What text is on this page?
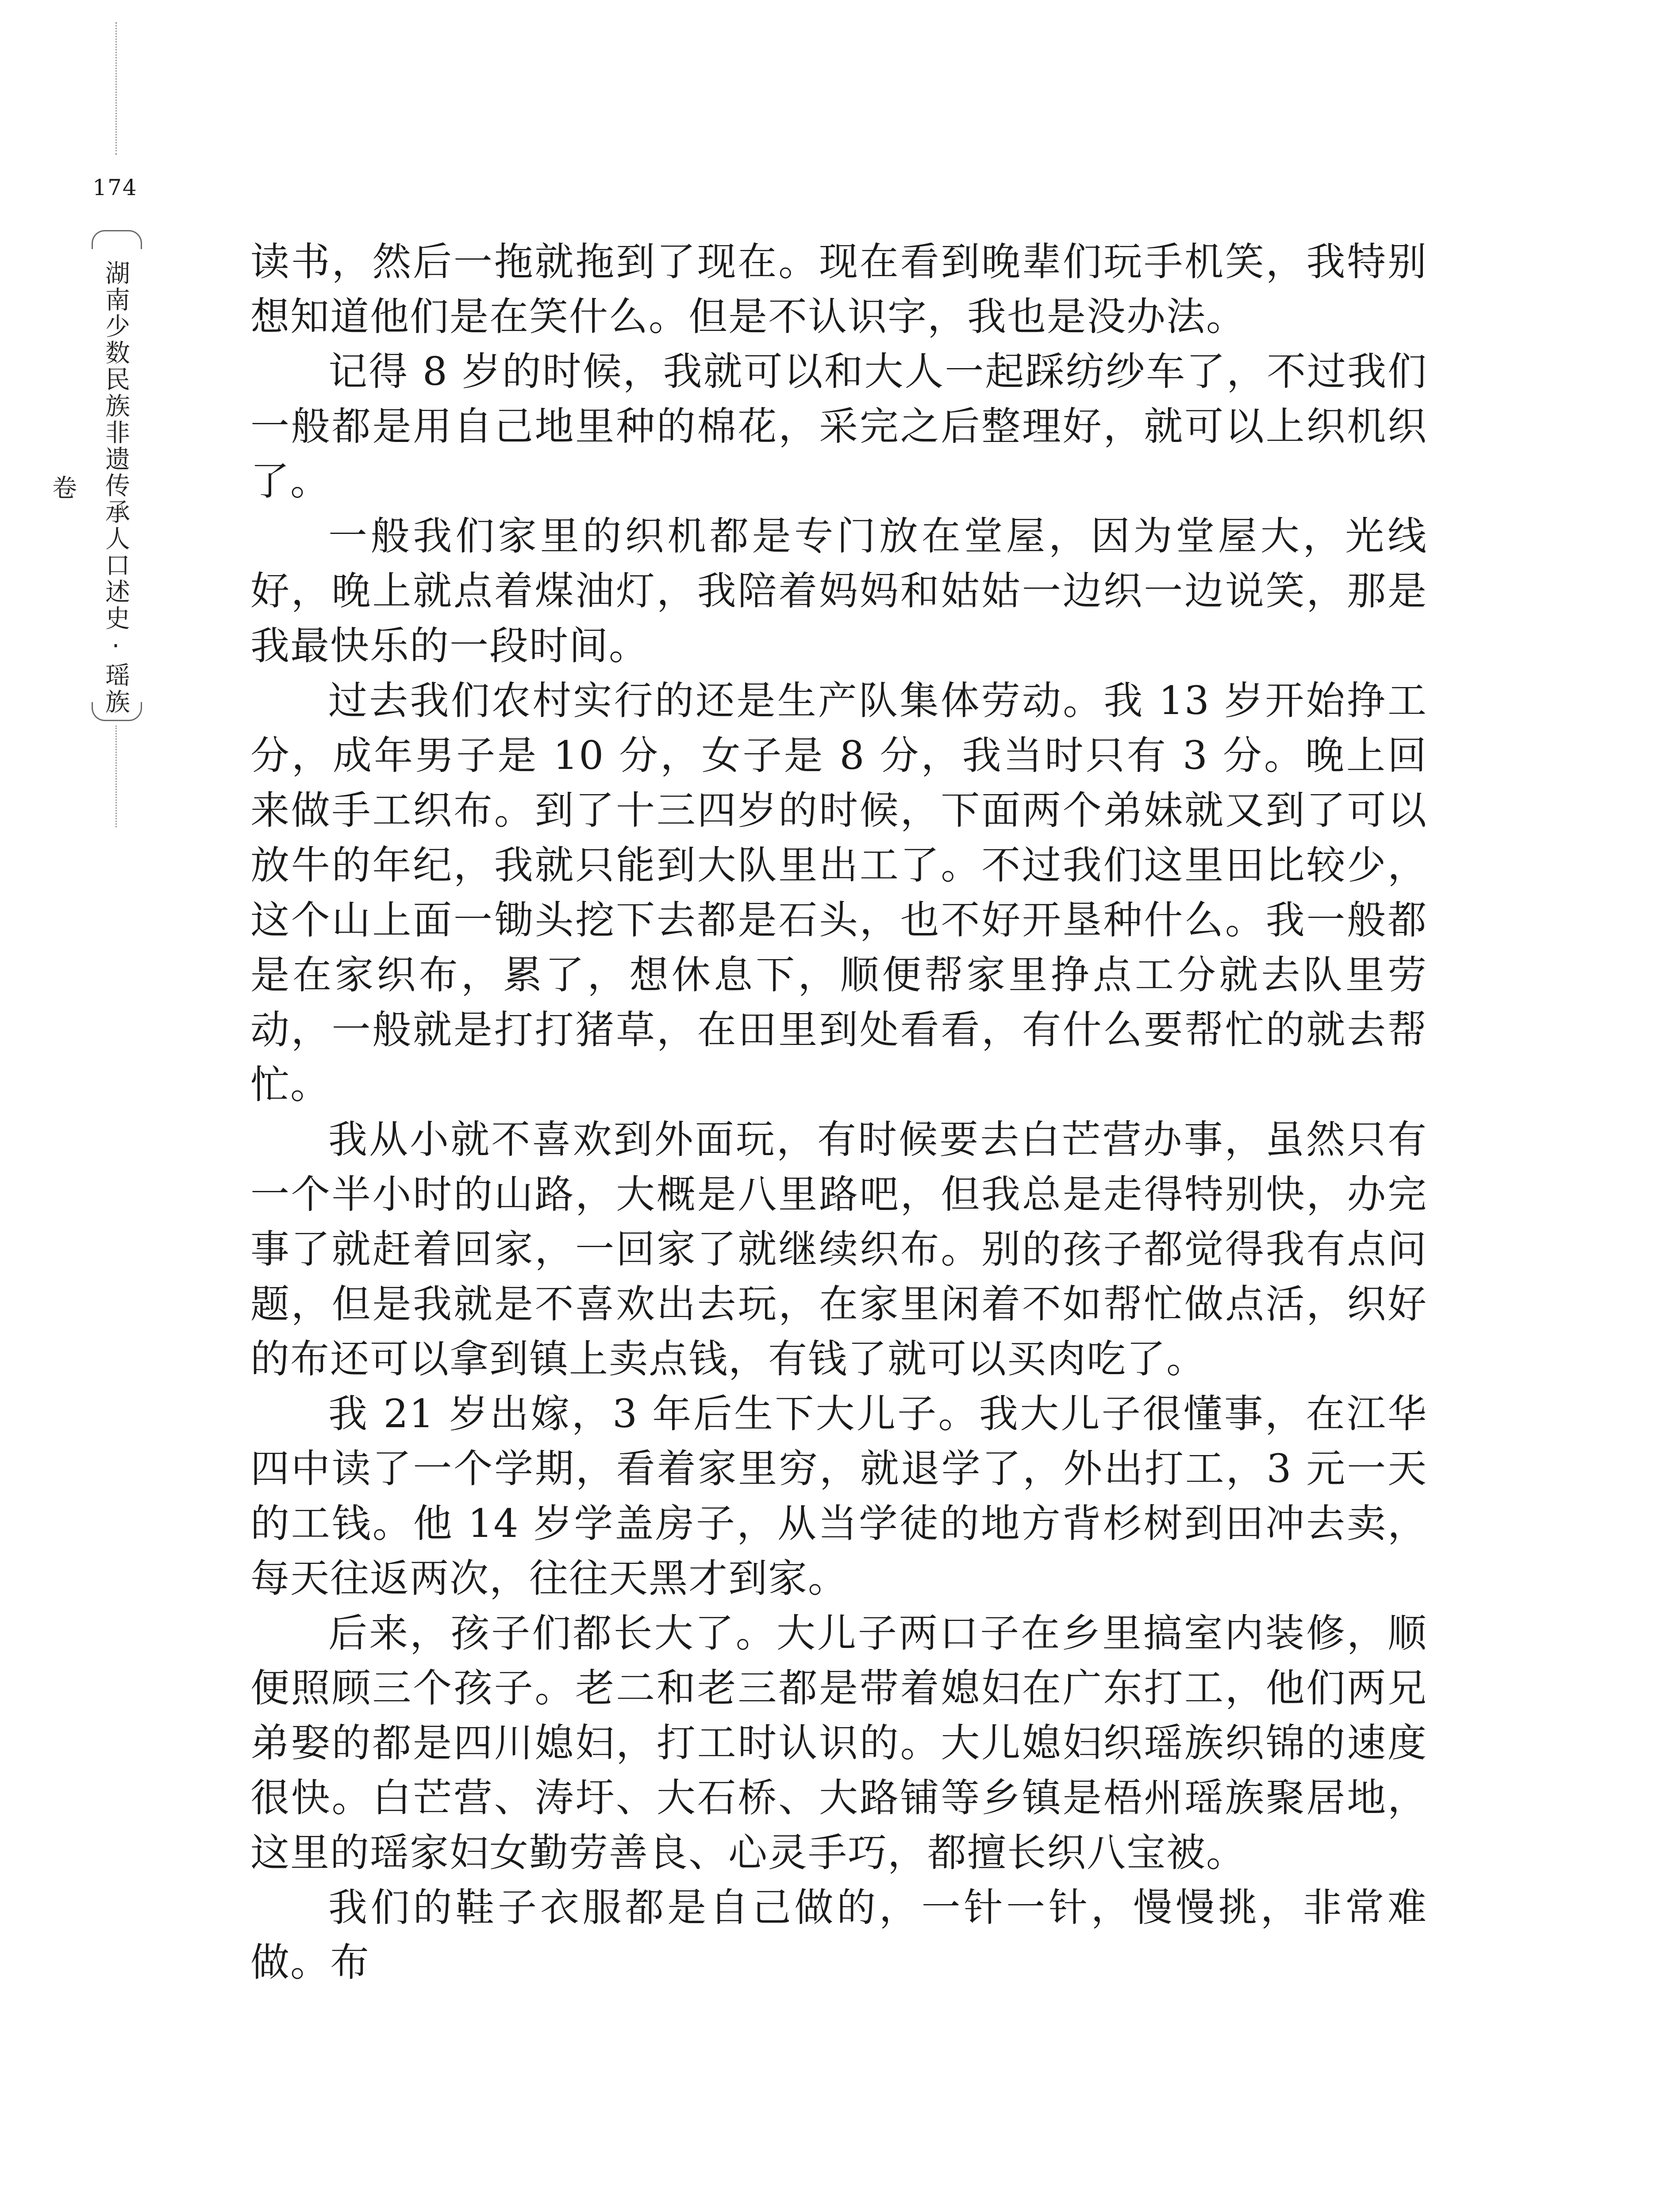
174
湖南少数民族非遗传承人口述史·瑶族卷

读书，然后一拖就拖到了现在。现在看到晚辈们玩手机笑，我特别想知道他们是在笑什么。但是不认识字，我也是没办法。

记得 8 岁的时候，我就可以和大人一起踩纺纱车了，不过我们一般都是用自己地里种的棉花，采完之后整理好，就可以上织机织了。

一般我们家里的织机都是专门放在堂屋，因为堂屋大，光线好，晚上就点着煤油灯，我陪着妈妈和姑姑一边织一边说笑，那是我最快乐的一段时间。

过去我们农村实行的还是生产队集体劳动。我 13 岁开始挣工分，成年男子是 10 分，女子是 8 分，我当时只有 3 分。晚上回来做手工织布。到了十三四岁的时候，下面两个弟妹就又到了可以放牛的年纪，我就只能到大队里出工了。不过我们这里田比较少，这个山上面一锄头挖下去都是石头，也不好开垦种什么。我一般都是在家织布，累了，想休息下，顺便帮家里挣点工分就去队里劳动，一般就是打打猪草，在田里到处看看，有什么要帮忙的就去帮忙。

我从小就不喜欢到外面玩，有时候要去白芒营办事，虽然只有一个半小时的山路，大概是八里路吧，但我总是走得特别快，办完事了就赶着回家，一回家了就继续织布。别的孩子都觉得我有点问题，但是我就是不喜欢出去玩，在家里闲着不如帮忙做点活，织好的布还可以拿到镇上卖点钱，有钱了就可以买肉吃了。

我 21 岁出嫁，3 年后生下大儿子。我大儿子很懂事，在江华四中读了一个学期，看着家里穷，就退学了，外出打工，3 元一天的工钱。他 14 岁学盖房子，从当学徒的地方背杉树到田冲去卖，每天往返两次，往往天黑才到家。

后来，孩子们都长大了。大儿子两口子在乡里搞室内装修，顺便照顾三个孩子。老二和老三都是带着媳妇在广东打工，他们两兄弟娶的都是四川媳妇，打工时认识的。大儿媳妇织瑶族织锦的速度很快。白芒营、涛圩、大石桥、大路铺等乡镇是梧州瑶族聚居地，这里的瑶家妇女勤劳善良、心灵手巧，都擅长织八宝被。

我们的鞋子衣服都是自己做的，一针一针，慢慢挑，非常难做。布
